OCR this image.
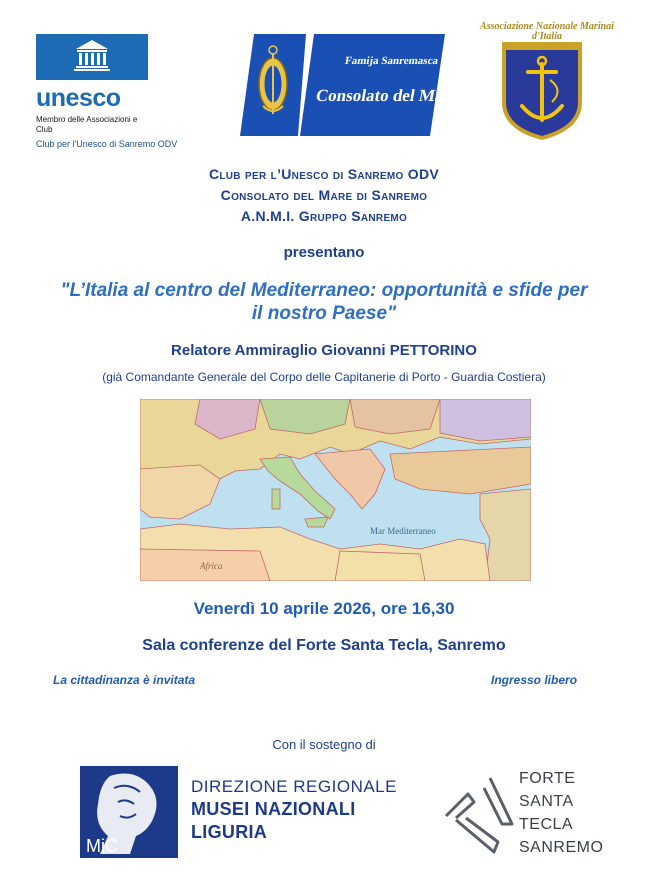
unesco
Membro delle Associazioni e Club
Club per l'Unesco di Sanremo ODV
Famija Sanremasca
Consolato del Mare
Associazione Nazionale Marinai d'Italia
Club per l’Unesco di Sanremo ODV
Consolato del Mare di Sanremo
A.N.M.I. Gruppo Sanremo
presentano
"L’Italia al centro del Mediterraneo: opportunità e sfide per
il nostro Paese"
Relatore Ammiraglio Giovanni PETTORINO
(già Comandante Generale del Corpo delle Capitanerie di Porto - Guardia Costiera)
Mar Mediterraneo
Africa
Venerdì 10 aprile 2026, ore 16,30
Sala conferenze del Forte Santa Tecla, Sanremo
La cittadinanza è invitata	Ingresso libero
Con il sostegno di
MiC
DIREZIONE REGIONALE
MUSEI NAZIONALI
LIGURIA
FORTE
SANTA
TECLA
SANREMO
